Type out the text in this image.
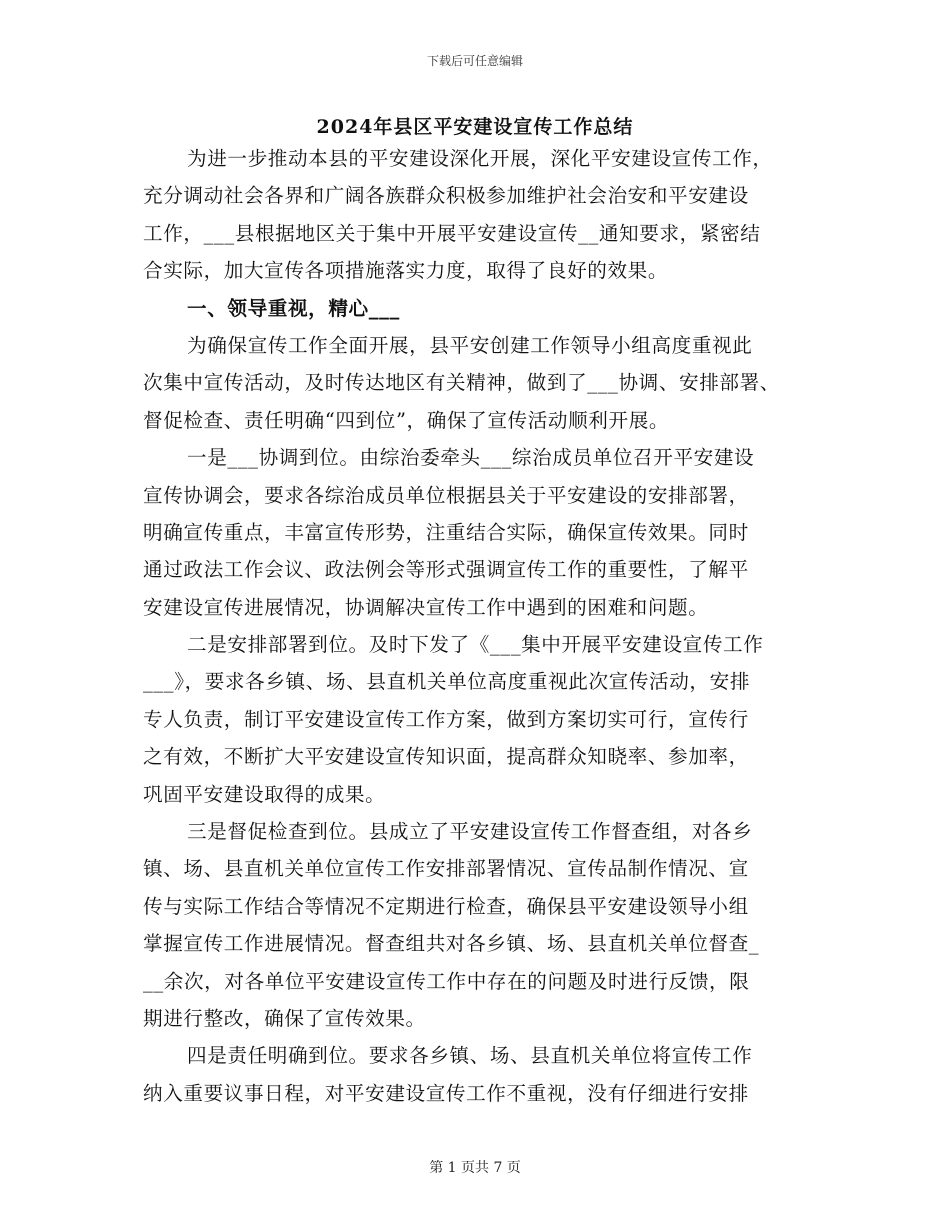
下载后可任意编辑
2024年县区平安建设宣传工作总结
为进一步推动本县的平安建设深化开展，深化平安建设宣传工作，
充分调动社会各界和广阔各族群众积极参加维护社会治安和平安建设
工作，___县根据地区关于集中开展平安建设宣传__通知要求，紧密结
合实际，加大宣传各项措施落实力度，取得了良好的效果。
一、领导重视，精心___
为确保宣传工作全面开展，县平安创建工作领导小组高度重视此
次集中宣传活动，及时传达地区有关精神，做到了___协调、安排部署、
督促检查、责任明确“四到位”，确保了宣传活动顺利开展。
一是___协调到位。由综治委牵头___综治成员单位召开平安建设
宣传协调会，要求各综治成员单位根据县关于平安建设的安排部署，
明确宣传重点，丰富宣传形势，注重结合实际，确保宣传效果。同时
通过政法工作会议、政法例会等形式强调宣传工作的重要性，了解平
安建设宣传进展情况，协调解决宣传工作中遇到的困难和问题。
二是安排部署到位。及时下发了《___集中开展平安建设宣传工作
___》，要求各乡镇、场、县直机关单位高度重视此次宣传活动，安排
专人负责，制订平安建设宣传工作方案，做到方案切实可行，宣传行
之有效，不断扩大平安建设宣传知识面，提高群众知晓率、参加率，
巩固平安建设取得的成果。
三是督促检查到位。县成立了平安建设宣传工作督查组，对各乡
镇、场、县直机关单位宣传工作安排部署情况、宣传品制作情况、宣
传与实际工作结合等情况不定期进行检查，确保县平安建设领导小组
掌握宣传工作进展情况。督查组共对各乡镇、场、县直机关单位督查_
__余次，对各单位平安建设宣传工作中存在的问题及时进行反馈，限
期进行整改，确保了宣传效果。
四是责任明确到位。要求各乡镇、场、县直机关单位将宣传工作
纳入重要议事日程，对平安建设宣传工作不重视，没有仔细进行安排
第 1 页共 7 页
